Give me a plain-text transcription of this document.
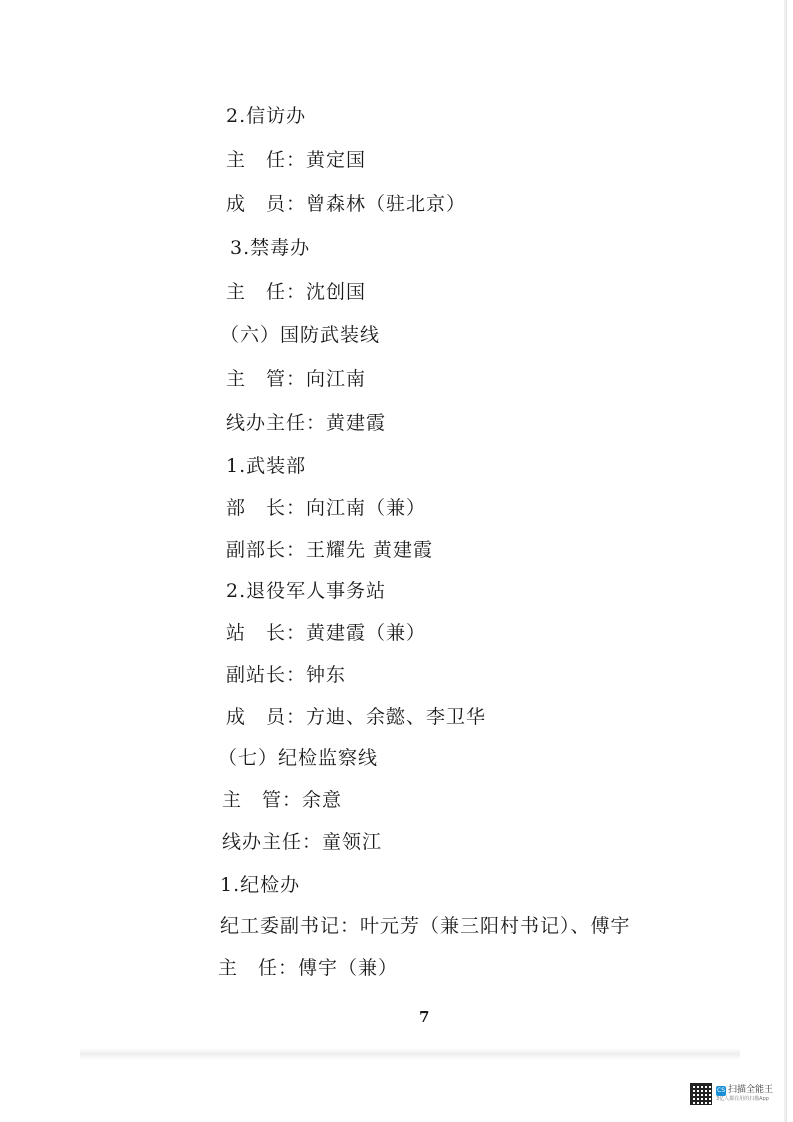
2.信访办
主　任：黄定国
成　员：曾森林（驻北京）
3.禁毒办
主　任：沈创国
（六）国防武装线
主　管：向江南
线办主任：黄建霞
1.武装部
部　长：向江南（兼）
副部长：王耀先 黄建霞
2.退役军人事务站
站　长：黄建霞（兼）
副站长：钟东
成　员：方迪、余懿、李卫华
（七）纪检监察线
主　管：余意
线办主任：童领江
1.纪检办
纪工委副书记：叶元芳（兼三阳村书记）、傅宇
主　任：傅宇（兼）
7
CS 扫描全能王
3亿人都在用的扫描App
